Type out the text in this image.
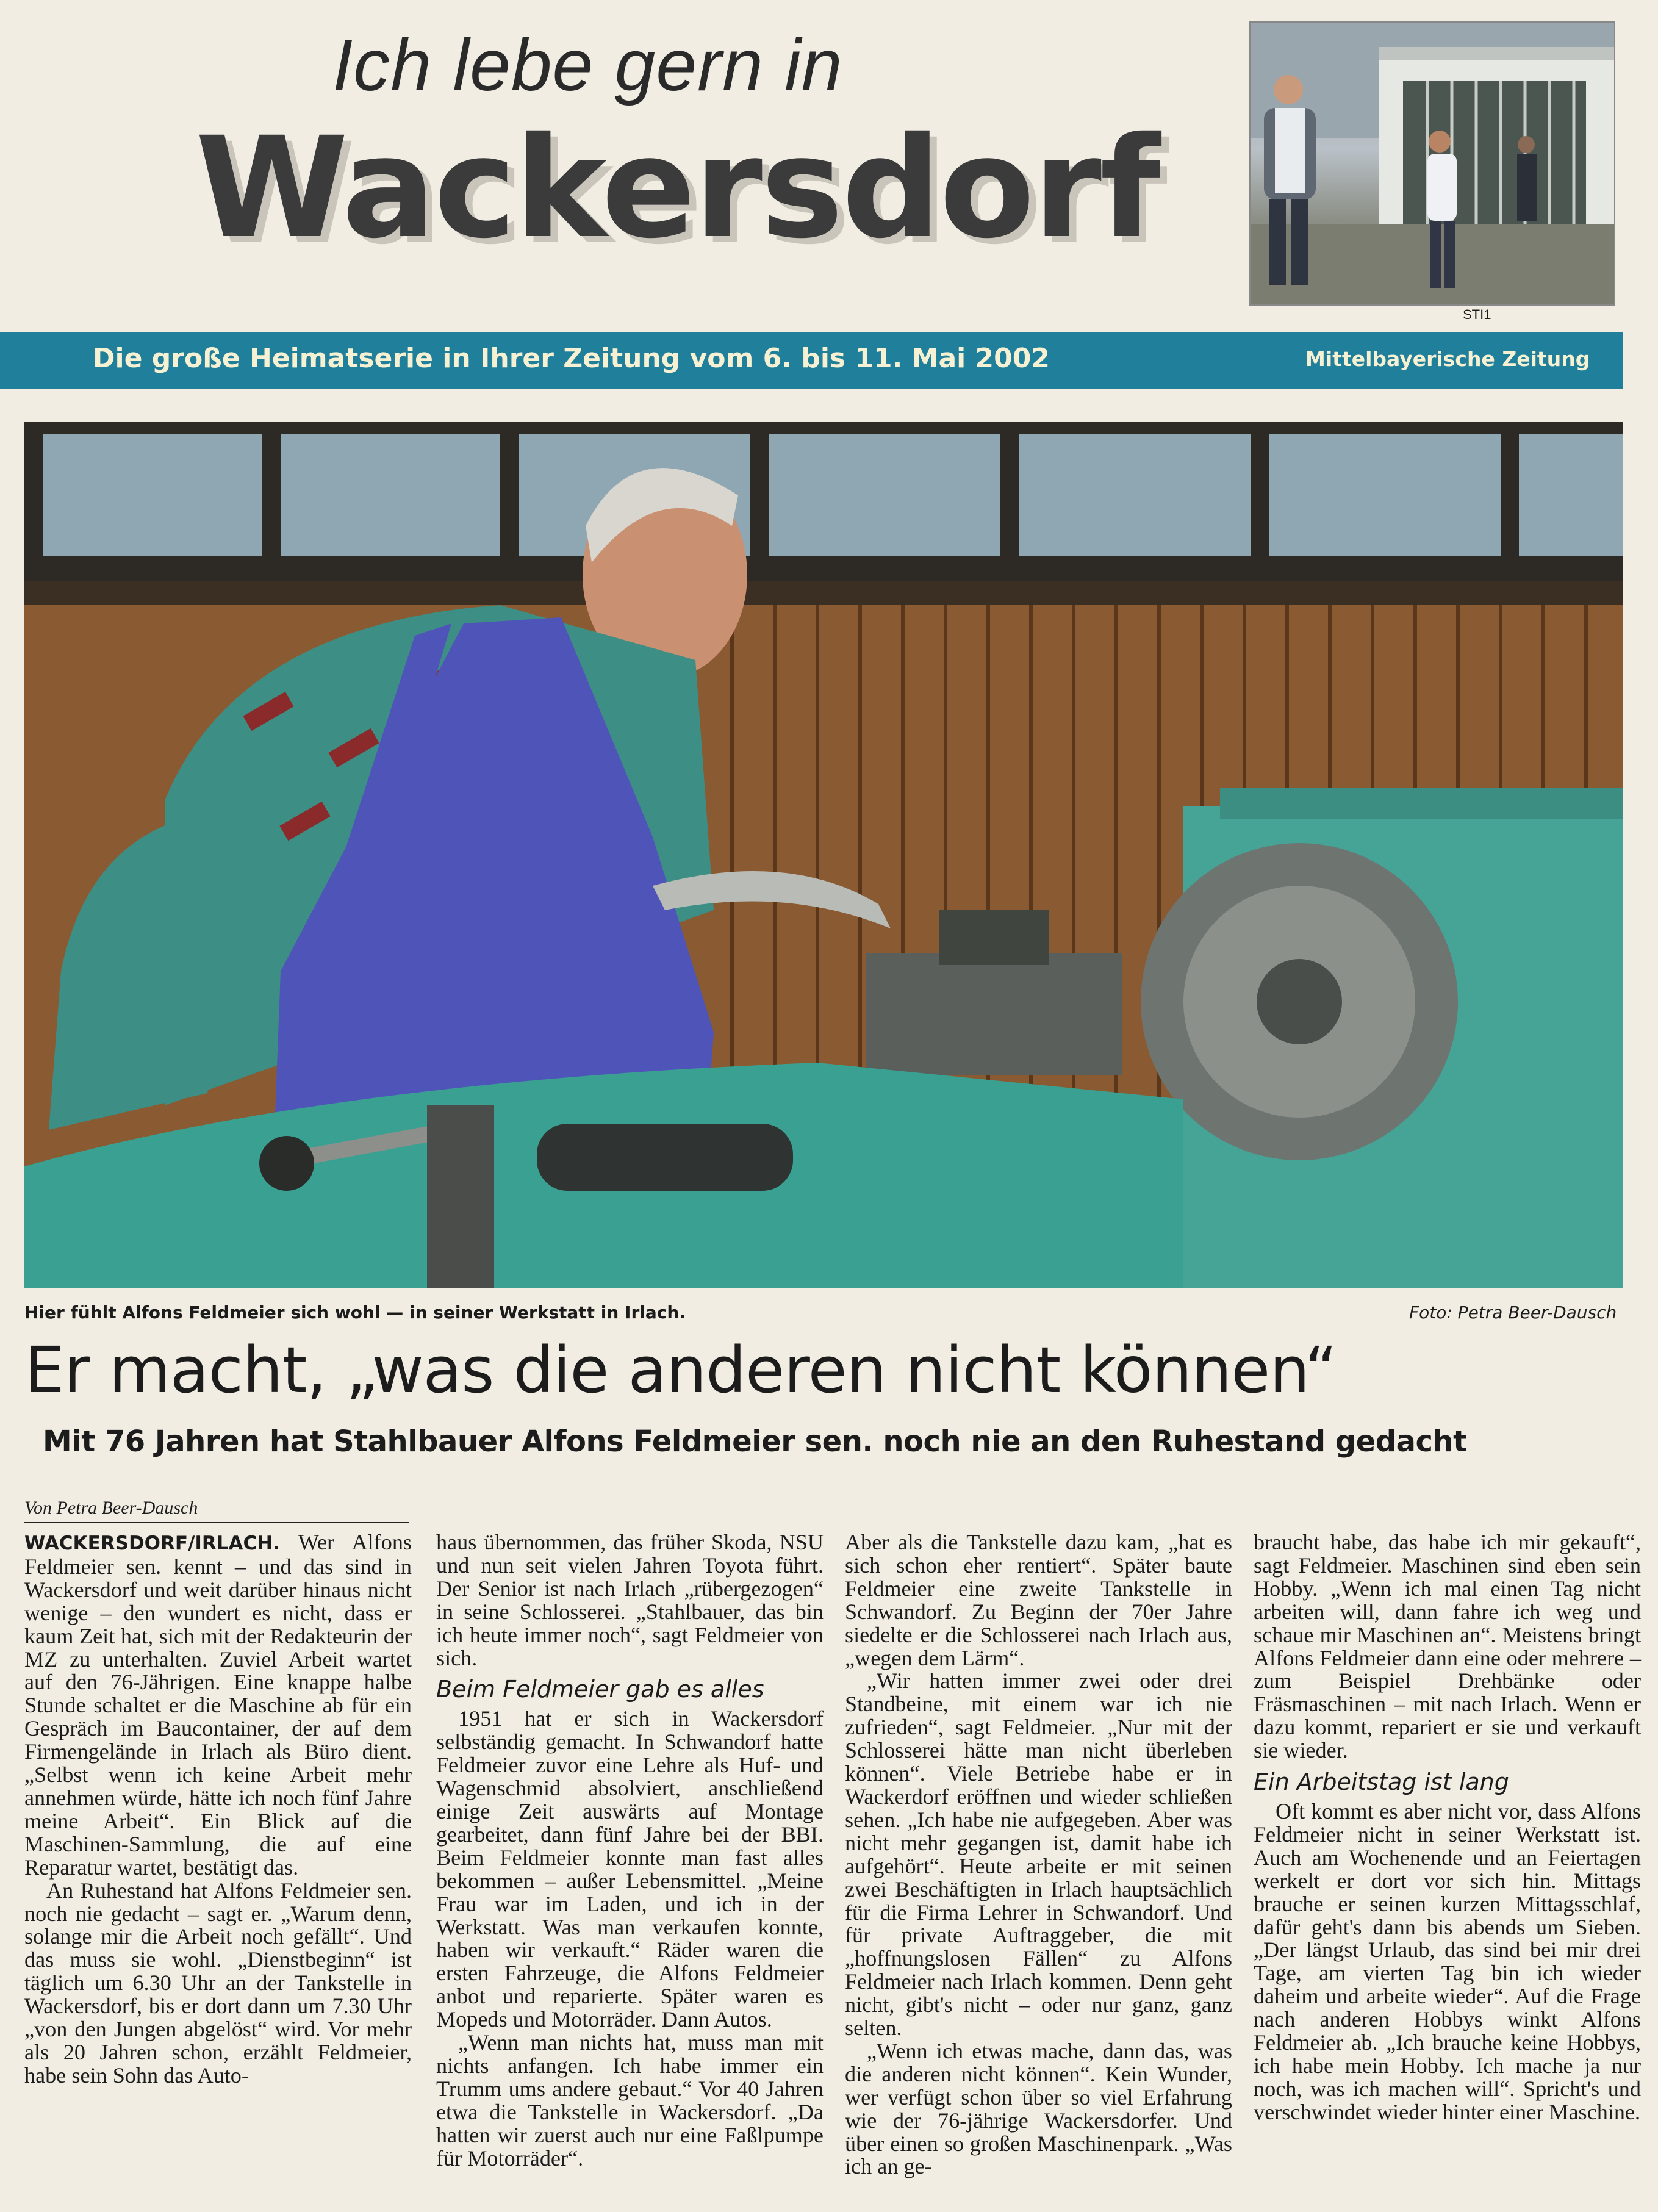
Ich lebe gern in
Wackersdorf
STI1
Die große Heimatserie in Ihrer Zeitung vom 6. bis 11. Mai 2002	Mittelbayerische Zeitung
Hier fühlt Alfons Feldmeier sich wohl — in seiner Werkstatt in Irlach.	Foto: Petra Beer-Dausch
Er macht, „was die anderen nicht können“
Mit 76 Jahren hat Stahlbauer Alfons Feldmeier sen. noch nie an den Ruhestand gedacht
Von Petra Beer-Dausch

WACKERSDORF/IRLACH. Wer Alfons Feldmeier sen. kennt – und das sind in Wackersdorf und weit darüber hinaus nicht wenige – den wundert es nicht, dass er kaum Zeit hat, sich mit der Redakteurin der MZ zu unterhalten. Zuviel Arbeit wartet auf den 76-Jährigen. Eine knappe halbe Stunde schaltet er die Maschine ab für ein Gespräch im Baucontainer, der auf dem Firmengelände in Irlach als Büro dient. „Selbst wenn ich keine Arbeit mehr annehmen würde, hätte ich noch fünf Jahre meine Arbeit“. Ein Blick auf die Maschinen-Sammlung, die auf eine Reparatur wartet, bestätigt das.

An Ruhestand hat Alfons Feldmeier sen. noch nie gedacht – sagt er. „Warum denn, solange mir die Arbeit noch gefällt“. Und das muss sie wohl. „Dienstbeginn“ ist täglich um 6.30 Uhr an der Tankstelle in Wackersdorf, bis er dort dann um 7.30 Uhr „von den Jungen abgelöst“ wird. Vor mehr als 20 Jahren schon, erzählt Feldmeier, habe sein Sohn das Auto-

haus übernommen, das früher Skoda, NSU und nun seit vielen Jahren Toyota führt. Der Senior ist nach Irlach „rübergezogen“ in seine Schlosserei. „Stahlbauer, das bin ich heute immer noch“, sagt Feldmeier von sich.

Beim Feldmeier gab es alles

1951 hat er sich in Wackersdorf selbständig gemacht. In Schwandorf hatte Feldmeier zuvor eine Lehre als Huf- und Wagenschmid absolviert, anschließend einige Zeit auswärts auf Montage gearbeitet, dann fünf Jahre bei der BBI. Beim Feldmeier konnte man fast alles bekommen – außer Lebensmittel. „Meine Frau war im Laden, und ich in der Werkstatt. Was man verkaufen konnte, haben wir verkauft.“ Räder waren die ersten Fahrzeuge, die Alfons Feldmeier anbot und reparierte. Später waren es Mopeds und Motorräder. Dann Autos.

„Wenn man nichts hat, muss man mit nichts anfangen. Ich habe immer ein Trumm ums andere gebaut.“ Vor 40 Jahren etwa die Tankstelle in Wackersdorf. „Da hatten wir zuerst auch nur eine Faßlpumpe für Motorräder“.

Aber als die Tankstelle dazu kam, „hat es sich schon eher rentiert“. Später baute Feldmeier eine zweite Tankstelle in Schwandorf. Zu Beginn der 70er Jahre siedelte er die Schlosserei nach Irlach aus, „wegen dem Lärm“.

„Wir hatten immer zwei oder drei Standbeine, mit einem war ich nie zufrieden“, sagt Feldmeier. „Nur mit der Schlosserei hätte man nicht überleben können“. Viele Betriebe habe er in Wackerdorf eröffnen und wieder schließen sehen. „Ich habe nie aufgegeben. Aber was nicht mehr gegangen ist, damit habe ich aufgehört“. Heute arbeite er mit seinen zwei Beschäftigten in Irlach hauptsächlich für die Firma Lehrer in Schwandorf. Und für private Auftraggeber, die mit „hoffnungslosen Fällen“ zu Alfons Feldmeier nach Irlach kommen. Denn geht nicht, gibt's nicht – oder nur ganz, ganz selten.

„Wenn ich etwas mache, dann das, was die anderen nicht können“. Kein Wunder, wer verfügt schon über so viel Erfahrung wie der 76-jährige Wackersdorfer. Und über einen so großen Maschinenpark. „Was ich an ge-

braucht habe, das habe ich mir gekauft“, sagt Feldmeier. Maschinen sind eben sein Hobby. „Wenn ich mal einen Tag nicht arbeiten will, dann fahre ich weg und schaue mir Maschinen an“. Meistens bringt Alfons Feldmeier dann eine oder mehrere – zum Beispiel Drehbänke oder Fräsmaschinen – mit nach Irlach. Wenn er dazu kommt, repariert er sie und verkauft sie wieder.

Ein Arbeitstag ist lang

Oft kommt es aber nicht vor, dass Alfons Feldmeier nicht in seiner Werkstatt ist. Auch am Wochenende und an Feiertagen werkelt er dort vor sich hin. Mittags brauche er seinen kurzen Mittagsschlaf, dafür geht's dann bis abends um Sieben. „Der längst Urlaub, das sind bei mir drei Tage, am vierten Tag bin ich wieder daheim und arbeite wieder“. Auf die Frage nach anderen Hobbys winkt Alfons Feldmeier ab. „Ich brauche keine Hobbys, ich habe mein Hobby. Ich mache ja nur noch, was ich machen will“. Spricht's und verschwindet wieder hinter einer Maschine.
